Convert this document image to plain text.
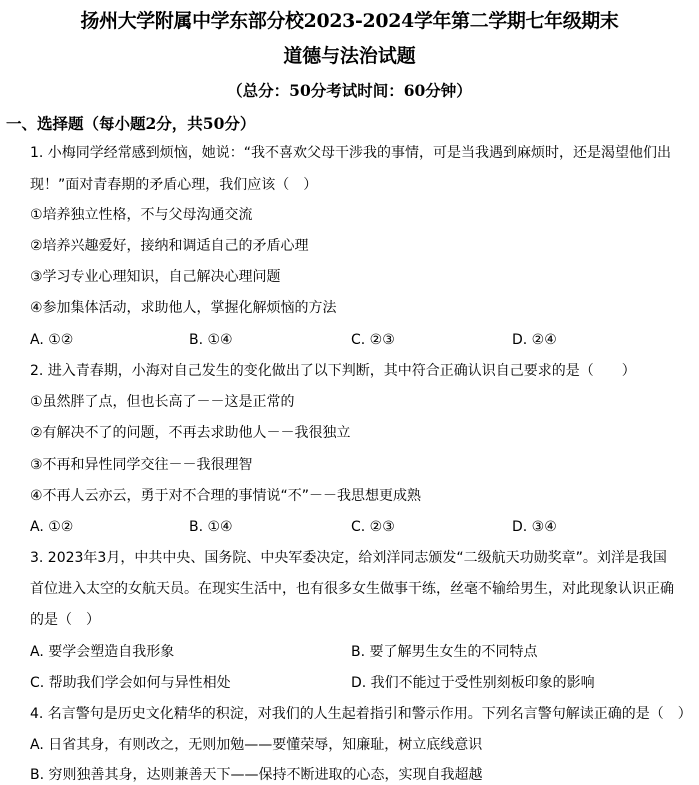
扬州大学附属中学东部分校2023-2024学年第二学期七年级期末
道德与法治试题
（总分：50分考试时间：60分钟）
一、选择题（每小题2分，共50分）
1. 小梅同学经常感到烦恼，她说：“我不喜欢父母干涉我的事情，可是当我遇到麻烦时，还是渴望他们出
现！”面对青春期的矛盾心理，我们应该（　）
①培养独立性格，不与父母沟通交流
②培养兴趣爱好，接纳和调适自己的矛盾心理
③学习专业心理知识，自己解决心理问题
④参加集体活动，求助他人，掌握化解烦恼的方法
A. ①②	B. ①④	C. ②③	D. ②④
2. 进入青春期，小海对自己发生的变化做出了以下判断，其中符合正确认识自己要求的是（　　）
①虽然胖了点，但也长高了－－这是正常的
②有解决不了的问题，不再去求助他人－－我很独立
③不再和异性同学交往－－我很理智
④不再人云亦云，勇于对不合理的事情说“不”－－我思想更成熟
A. ①②	B. ①④	C. ②③	D. ③④
3. 2023年3月，中共中央、国务院、中央军委决定，给刘洋同志颁发“二级航天功勋奖章”。刘洋是我国
首位进入太空的女航天员。在现实生活中，也有很多女生做事干练，丝毫不输给男生，对此现象认识正确
的是（　）
A. 要学会塑造自我形象	B. 要了解男生女生的不同特点
C. 帮助我们学会如何与异性相处	D. 我们不能过于受性别刻板印象的影响
4. 名言警句是历史文化精华的积淀，对我们的人生起着指引和警示作用。下列名言警句解读正确的是（　）
A. 日省其身，有则改之，无则加勉——要懂荣辱，知廉耻，树立底线意识
B. 穷则独善其身，达则兼善天下——保持不断进取的心态，实现自我超越
